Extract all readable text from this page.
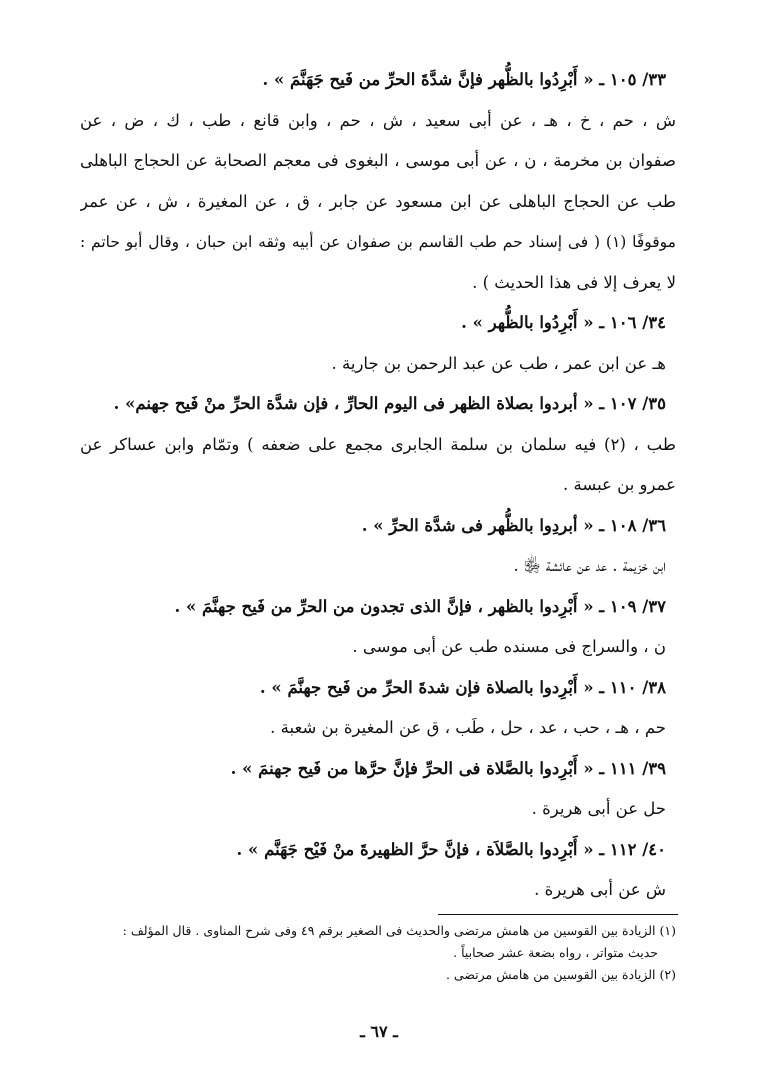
٣٣/ ١٠٥ ـ « أَبْرِدُوا بالظُّهر فإنَّ شدَّةَ الحرِّ من فَيح جَهَنَّمَ » .
ش ، حم ، خ ، هـ ، عن أبى سعيد ، ش ، حم ، وابن قانع ، طب ، ك ، ض ، عن
صفوان بن مخرمة ، ن ، عن أبى موسى ، البغوى فى معجم الصحابة عن الحجاج الباهلى
طب عن الحجاج الباهلى عن ابن مسعود عن جابر ، ق ، عن المغيرة ، ش ، عن عمر
موقوفًا (١) ( فى إسناد حم طب القاسم بن صفوان عن أبيه وثقه ابن حبان ، وقال أبو حاتم :
لا يعرف إلا فى هذا الحديث ) .
٣٤/ ١٠٦ ـ « أَبْرِدُوا بالظُّهر » .
هـ عن ابن عمر ، طب عن عبد الرحمن بن جارية .
٣٥/ ١٠٧ ـ « أبردوا بصلاة الظهر فى اليوم الحارِّ ، فإن شدَّة الحرِّ منْ فَيح جهنم» .
طب ، (٢) فيه سلمان بن سلمة الجابرى مجمع على ضعفه ) وتمّام وابن عساكر عن
عمرو بن عبسة .
٣٦/ ١٠٨ ـ « أبردِوا بالظُّهر فى شدَّة الحرِّ » .
ابن خزيمة . عد عن عائشة ﵂ .
٣٧/ ١٠٩ ـ « أَبْرِدوا بالظهر ، فإنَّ الذى تجدون من الحرِّ من فَيح جهنَّمَ » .
ن ، والسراج فى مسنده طب عن أبى موسى .
٣٨/ ١١٠ ـ « أَبْرِدوا بالصلاة فإن شدةَ الحرِّ من فَيح جهنَّمَ » .
حم ، هـ ، حب ، عد ، حل ، طَب ، ق عن المغيرة بن شعبة .
٣٩/ ١١١ ـ « أَبْرِدوا بالصَّلاة فى الحرِّ فإنَّ حرَّها من فَيح جهنمَ » .
حل عن أبى هريرة .
٤٠/ ١١٢ ـ « أَبْرِدوا بالصَّلاَة ، فإنَّ حرَّ الظهيرةَ منْ فَيْح جَهَنَّم » .
ش عن أبى هريرة .
(١) الزيادة بين القوسين من هامش مرتضى والحديث فى الصغير برقم ٤٩ وفى شرح المناوى . قال المؤلف :
حديث متواتر ، رواه بضعة عشر صحابياً .
(٢) الزيادة بين القوسين من هامش مرتضى .
ـ ٦٧ ـ
